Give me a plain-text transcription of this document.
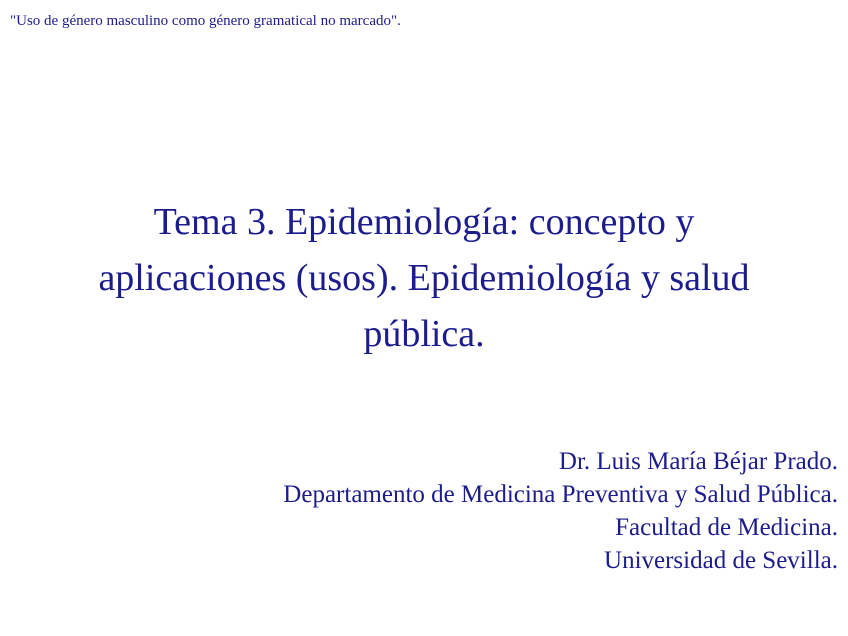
"Uso de género masculino como género gramatical no marcado".
Tema 3. Epidemiología: concepto y
aplicaciones (usos). Epidemiología y salud
pública.
Dr. Luis María Béjar Prado.
Departamento de Medicina Preventiva y Salud Pública.
Facultad de Medicina.
Universidad de Sevilla.
